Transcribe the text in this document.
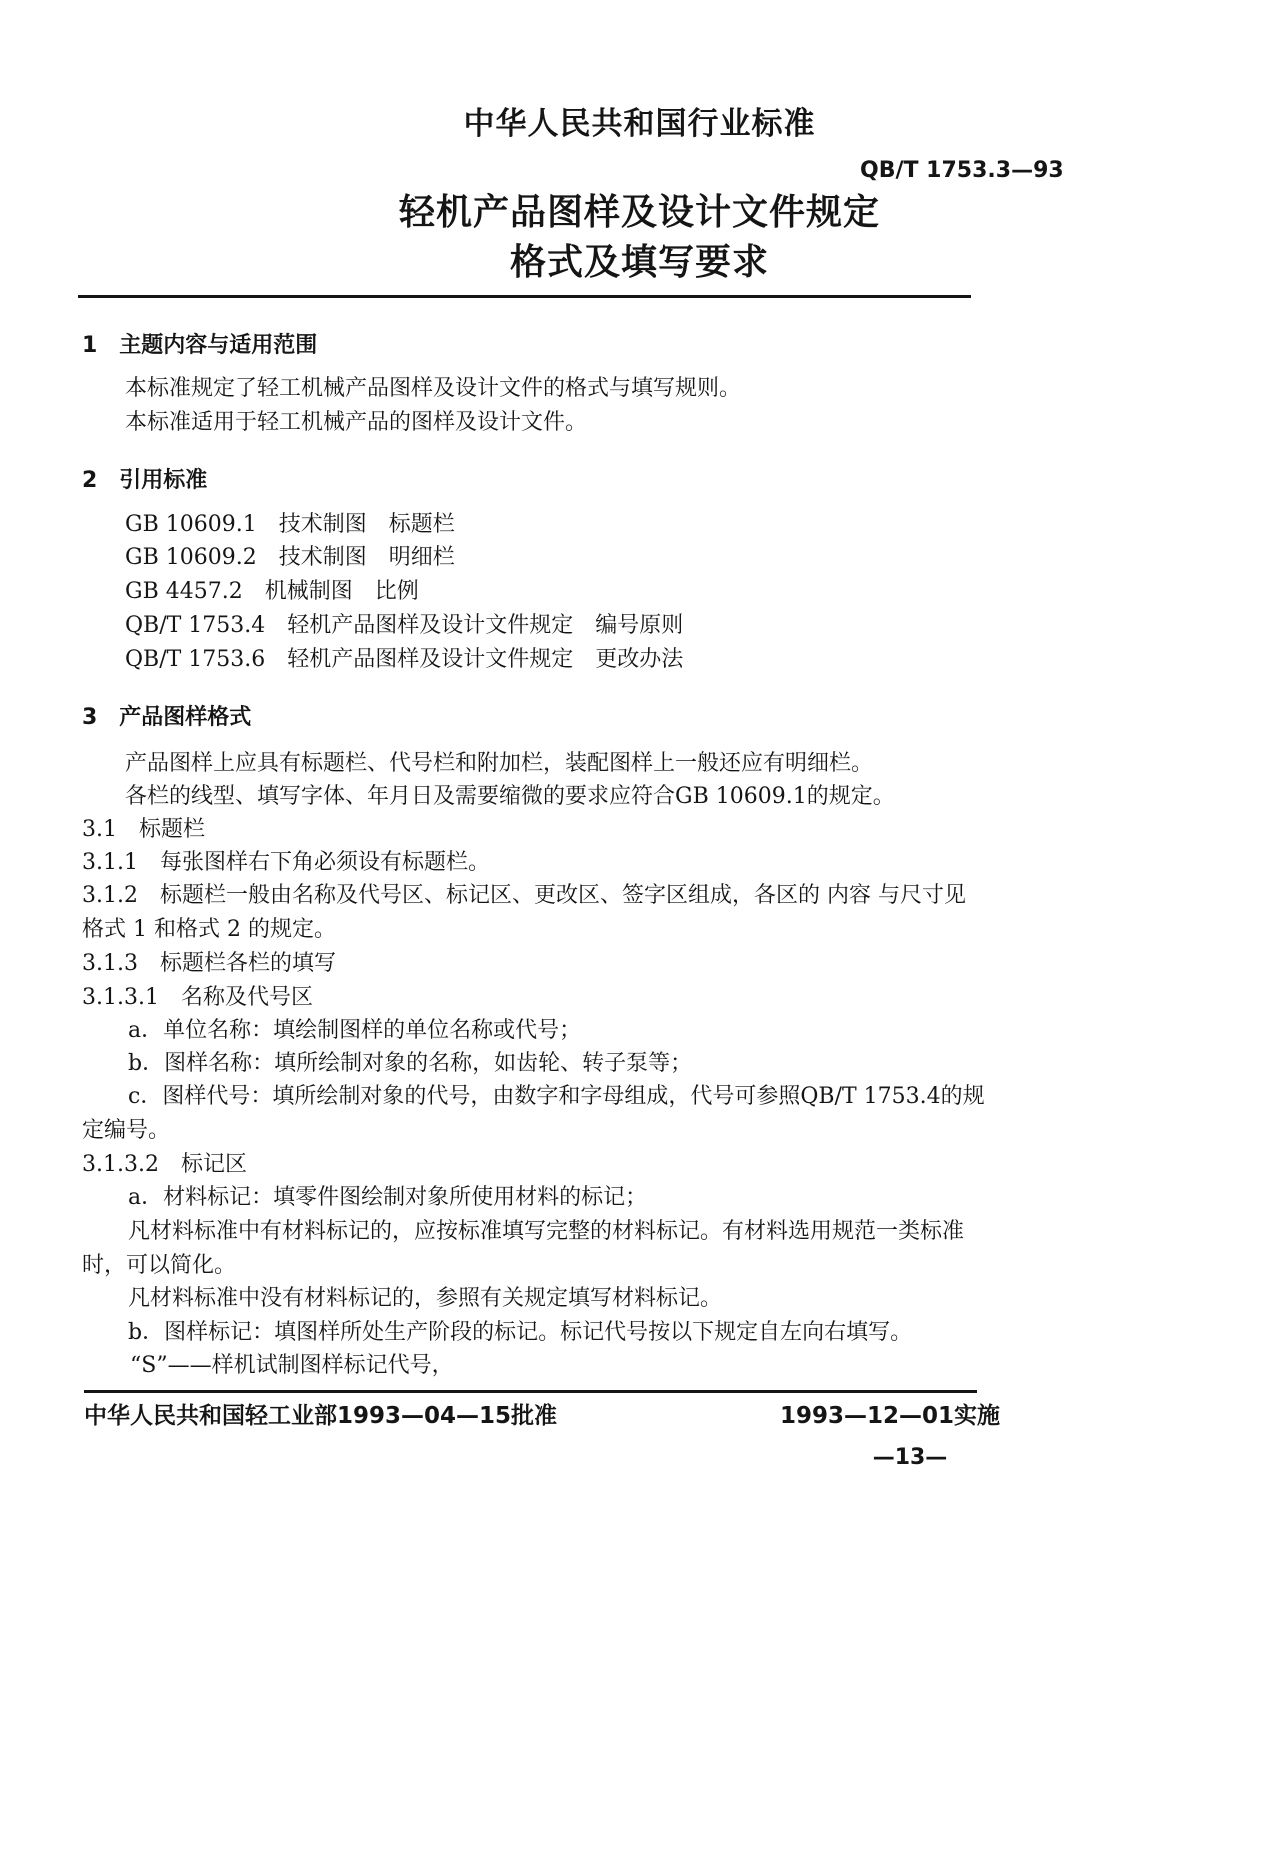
中华人民共和国行业标准
QB/T 1753.3—93
轻机产品图样及设计文件规定
格式及填写要求
1　主题内容与适用范围
本标准规定了轻工机械产品图样及设计文件的格式与填写规则。
本标准适用于轻工机械产品的图样及设计文件。
2　引用标准
GB 10609.1　技术制图　标题栏
GB 10609.2　技术制图　明细栏
GB 4457.2　机械制图　比例
QB/T 1753.4　轻机产品图样及设计文件规定　编号原则
QB/T 1753.6　轻机产品图样及设计文件规定　更改办法
3　产品图样格式
产品图样上应具有标题栏、代号栏和附加栏，装配图样上一般还应有明细栏。
各栏的线型、填写字体、年月日及需要缩微的要求应符合GB 10609.1的规定。
3.1　标题栏
3.1.1　每张图样右下角必须设有标题栏。
3.1.2　标题栏一般由名称及代号区、标记区、更改区、签字区组成，各区的 内容 与尺寸见
格式 1 和格式 2 的规定。
3.1.3　标题栏各栏的填写
3.1.3.1　名称及代号区
a．单位名称：填绘制图样的单位名称或代号；
b．图样名称：填所绘制对象的名称，如齿轮、转子泵等；
c．图样代号：填所绘制对象的代号，由数字和字母组成，代号可参照QB/T 1753.4的规
定编号。
3.1.3.2　标记区
a．材料标记：填零件图绘制对象所使用材料的标记；
凡材料标准中有材料标记的，应按标准填写完整的材料标记。有材料选用规范一类标准
时，可以简化。
凡材料标准中没有材料标记的，参照有关规定填写材料标记。
b．图样标记：填图样所处生产阶段的标记。标记代号按以下规定自左向右填写。
“S”——样机试制图样标记代号，
中华人民共和国轻工业部1993—04—15批准	1993—12—01实施
—13—
